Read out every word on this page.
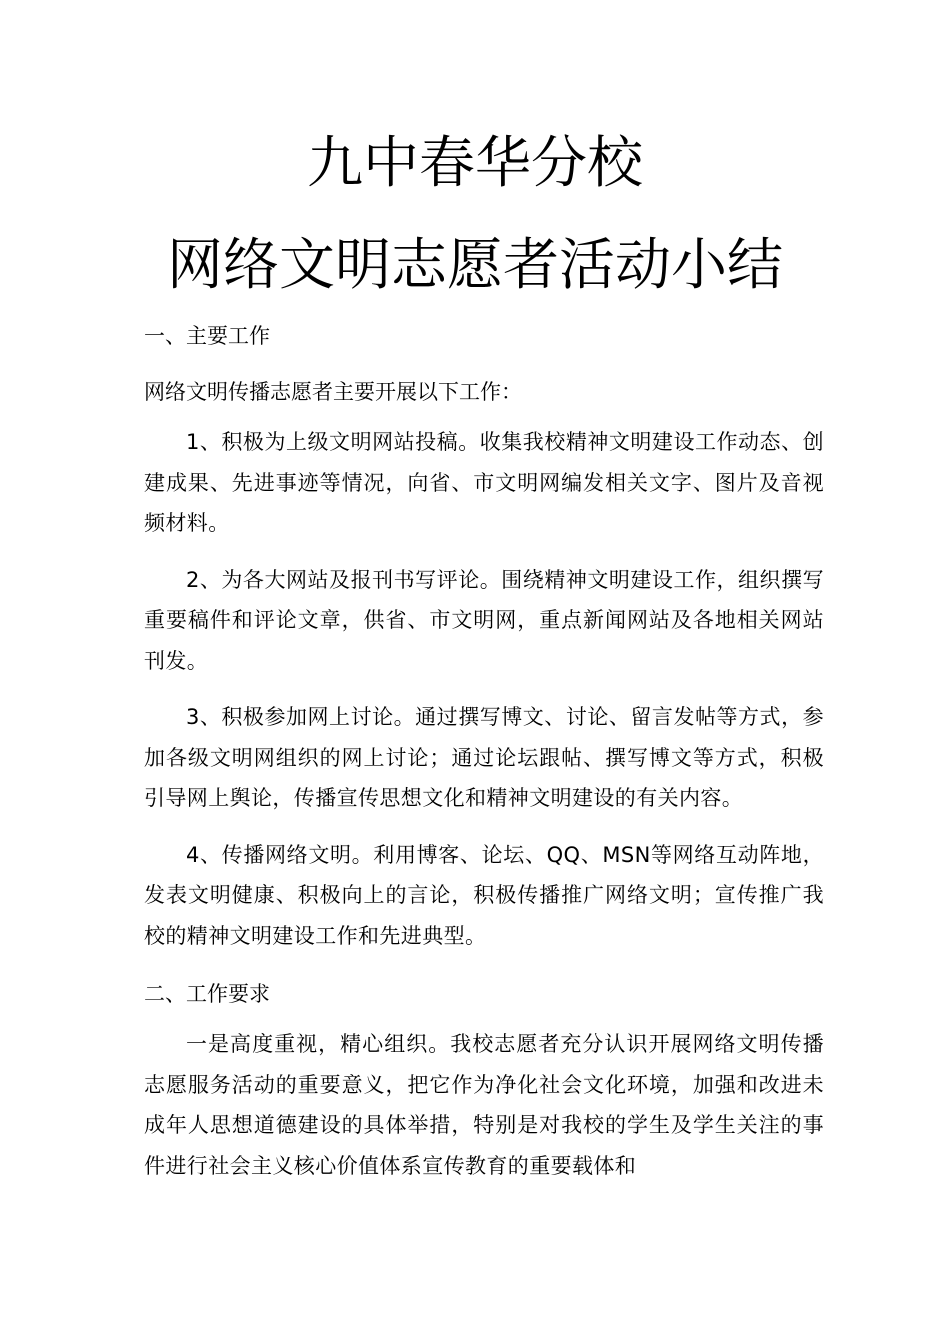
九中春华分校
网络文明志愿者活动小结

一、主要工作

网络文明传播志愿者主要开展以下工作：

1、积极为上级文明网站投稿。收集我校精神文明建设工作动态、创建成果、先进事迹等情况，向省、市文明网编发相关文字、图片及音视频材料。

2、为各大网站及报刊书写评论。围绕精神文明建设工作，组织撰写重要稿件和评论文章，供省、市文明网，重点新闻网站及各地相关网站刊发。

3、积极参加网上讨论。通过撰写博文、讨论、留言发帖等方式，参加各级文明网组织的网上讨论；通过论坛跟帖、撰写博文等方式，积极引导网上舆论，传播宣传思想文化和精神文明建设的有关内容。

4、传播网络文明。利用博客、论坛、QQ、MSN等网络互动阵地，发表文明健康、积极向上的言论，积极传播推广网络文明；宣传推广我校的精神文明建设工作和先进典型。

二、工作要求

一是高度重视，精心组织。我校志愿者充分认识开展网络文明传播志愿服务活动的重要意义，把它作为净化社会文化环境，加强和改进未成年人思想道德建设的具体举措，特别是对我校的学生及学生关注的事件进行社会主义核心价值体系宣传教育的重要载体和
